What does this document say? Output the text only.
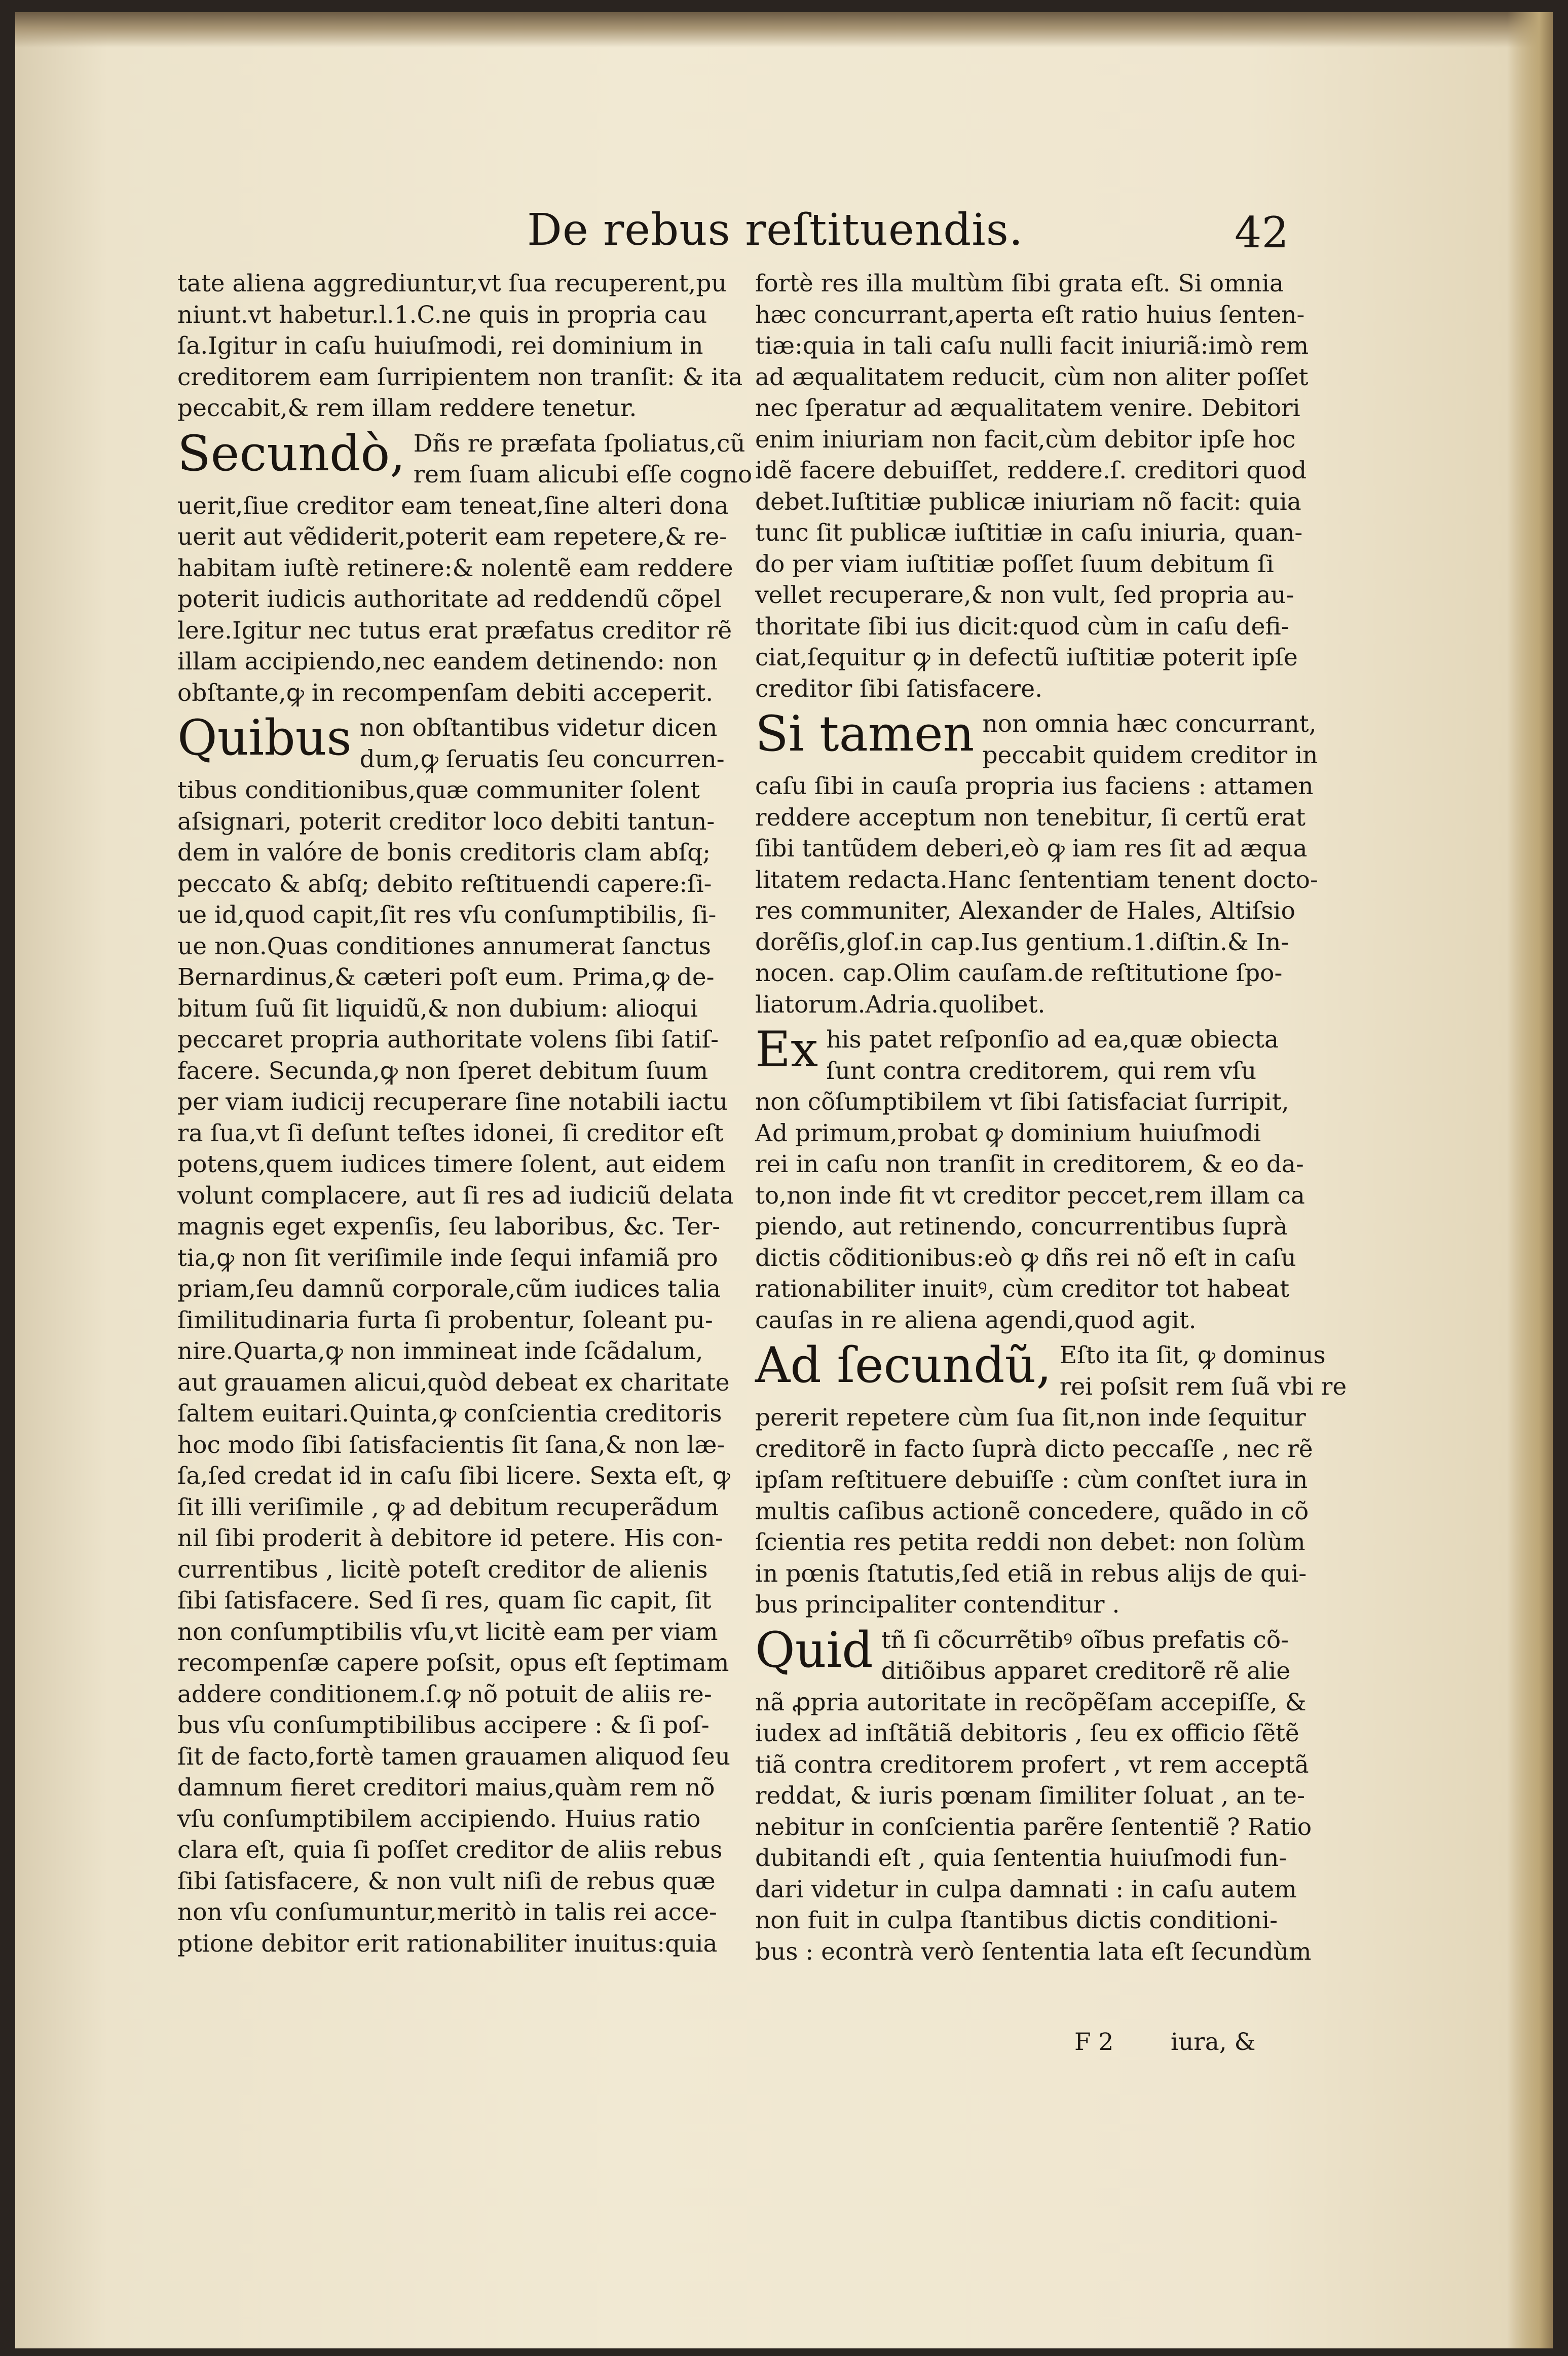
De rebus reſtituendis.	42
tate aliena aggrediuntur,vt ſua recuperent,pu
niunt.vt habetur.l.1.C.ne quis in propria cau
ſa.Igitur in caſu huiuſmodi, rei dominium in
creditorem eam ſurripientem non tranſit: & ita
peccabit,& rem illam reddere tenetur.
Secundò, Dñs re præfata ſpoliatus,cũ
rem ſuam alicubi eſſe cogno
uerit,ſiue creditor eam teneat,ſine alteri dona
uerit aut vẽdiderit,poterit eam repetere,& re-
habitam iuſtè retinere:& nolentẽ eam reddere
poterit iudicis authoritate ad reddendũ cõpel
lere.Igitur nec tutus erat præfatus creditor rẽ
illam accipiendo,nec eandem detinendo: non
obſtante,ꝙ in recompenſam debiti acceperit.
Quibus non obſtantibus videtur dicen
dum,ꝙ ſeruatis ſeu concurren-
tibus conditionibus,quæ communiter ſolent
aſsignari, poterit creditor loco debiti tantun-
dem in valóre de bonis creditoris clam abſq;
peccato & abſq; debito reſtituendi capere:ſi-
ue id,quod capit,ſit res vſu conſumptibilis, ſi-
ue non.Quas conditiones annumerat ſanctus
Bernardinus,& cæteri poſt eum. Prima,ꝙ de-
bitum ſuũ ſit liquidũ,& non dubium: alioqui
peccaret propria authoritate volens ſibi ſatiſ-
facere. Secunda,ꝙ non ſperet debitum ſuum
per viam iudicij recuperare ſine notabili iactu
ra ſua,vt ſi deſunt teſtes idonei, ſi creditor eſt
potens,quem iudices timere ſolent, aut eidem
volunt complacere, aut ſi res ad iudiciũ delata
magnis eget expenſis, ſeu laboribus, &c. Ter-
tia,ꝙ non ſit veriſimile inde ſequi infamiã pro
priam,ſeu damnũ corporale,cũm iudices talia
ſimilitudinaria furta ſi probentur, ſoleant pu-
nire.Quarta,ꝙ non immineat inde ſcãdalum,
aut grauamen alicui,quòd debeat ex charitate
ſaltem euitari.Quinta,ꝙ conſcientia creditoris
hoc modo ſibi ſatisfacientis ſit ſana,& non læ-
ſa,ſed credat id in caſu ſibi licere. Sexta eſt, ꝙ
ſit illi veriſimile , ꝙ ad debitum recuperãdum
nil ſibi proderit à debitore id petere. His con-
currentibus , licitè poteſt creditor de alienis
ſibi ſatisfacere. Sed ſi res, quam ſic capit, ſit
non conſumptibilis vſu,vt licitè eam per viam
recompenſæ capere poſsit, opus eſt ſeptimam
addere conditionem.ſ.ꝙ nõ potuit de aliis re-
bus vſu conſumptibilibus accipere : & ſi poſ-
ſit de facto,fortè tamen grauamen aliquod ſeu
damnum fieret creditori maius,quàm rem nõ
vſu conſumptibilem accipiendo. Huius ratio
clara eſt, quia ſi poſſet creditor de aliis rebus
ſibi ſatisfacere, & non vult niſi de rebus quæ
non vſu conſumuntur,meritò in talis rei acce-
ptione debitor erit rationabiliter inuitus:quia
fortè res illa multùm ſibi grata eſt. Si omnia
hæc concurrant,aperta eſt ratio huius ſenten-
tiæ:quia in tali caſu nulli facit iniuriã:imò rem
ad æqualitatem reducit, cùm non aliter poſſet
nec ſperatur ad æqualitatem venire. Debitori
enim iniuriam non facit,cùm debitor ipſe hoc
idẽ facere debuiſſet, reddere.ſ. creditori quod
debet.Iuſtitiæ publicæ iniuriam nõ facit: quia
tunc ſit publicæ iuſtitiæ in caſu iniuria, quan-
do per viam iuſtitiæ poſſet ſuum debitum ſi
vellet recuperare,& non vult, ſed propria au-
thoritate ſibi ius dicit:quod cùm in caſu defi-
ciat,ſequitur ꝙ in defectũ iuſtitiæ poterit ipſe
creditor ſibi ſatisfacere.
Si tamen non omnia hæc concurrant,
peccabit quidem creditor in
caſu ſibi in cauſa propria ius faciens : attamen
reddere acceptum non tenebitur, ſi certũ erat
ſibi tantũdem deberi,eò ꝙ iam res ſit ad æqua
litatem redacta.Hanc ſententiam tenent docto-
res communiter, Alexander de Hales, Altiſsio
dorẽſis,gloſ.in cap.Ius gentium.1.diſtin.& In-
nocen. cap.Olim cauſam.de reſtitutione ſpo-
liatorum.Adria.quolibet.
Ex his patet reſponſio ad ea,quæ obiecta
ſunt contra creditorem, qui rem vſu
non cõſumptibilem vt ſibi ſatisfaciat ſurripit,
Ad primum,probat ꝙ dominium huiuſmodi
rei in caſu non tranſit in creditorem, & eo da-
to,non inde fit vt creditor peccet,rem illam ca
piendo, aut retinendo, concurrentibus ſuprà
dictis cõditionibus:eò ꝙ dñs rei nõ eſt in caſu
rationabiliter inuitꝰ, cùm creditor tot habeat
cauſas in re aliena agendi,quod agit.
Ad ſecundũ, Eſto ita ſit, ꝙ dominus
rei poſsit rem ſuã vbi re
pererit repetere cùm ſua ſit,non inde ſequitur
creditorẽ in facto ſuprà dicto peccaſſe , nec rẽ
ipſam reſtituere debuiſſe : cùm conſtet iura in
multis caſibus actionẽ concedere, quãdo in cõ
ſcientia res petita reddi non debet: non ſolùm
in pœnis ſtatutis,ſed etiã in rebus alijs de qui-
bus principaliter contenditur .
Quid tñ ſi cõcurrẽtibꝰ oĩbus prefatis cõ-
ditiõibus apparet creditorẽ rẽ alie
nã ꝓpria autoritate in recõpẽſam accepiſſe, &
iudex ad inſtãtiã debitoris , ſeu ex officio ſẽtẽ
tiã contra creditorem profert , vt rem acceptã
reddat, & iuris pœnam ſimiliter ſoluat , an te-
nebitur in conſcientia parẽre ſententiẽ ? Ratio
dubitandi eſt , quia ſententia huiuſmodi fun-
dari videtur in culpa damnati : in caſu autem
non fuit in culpa ſtantibus dictis conditioni-
bus : econtrà verò ſententia lata eſt ſecundùm
F 2 iura, &
